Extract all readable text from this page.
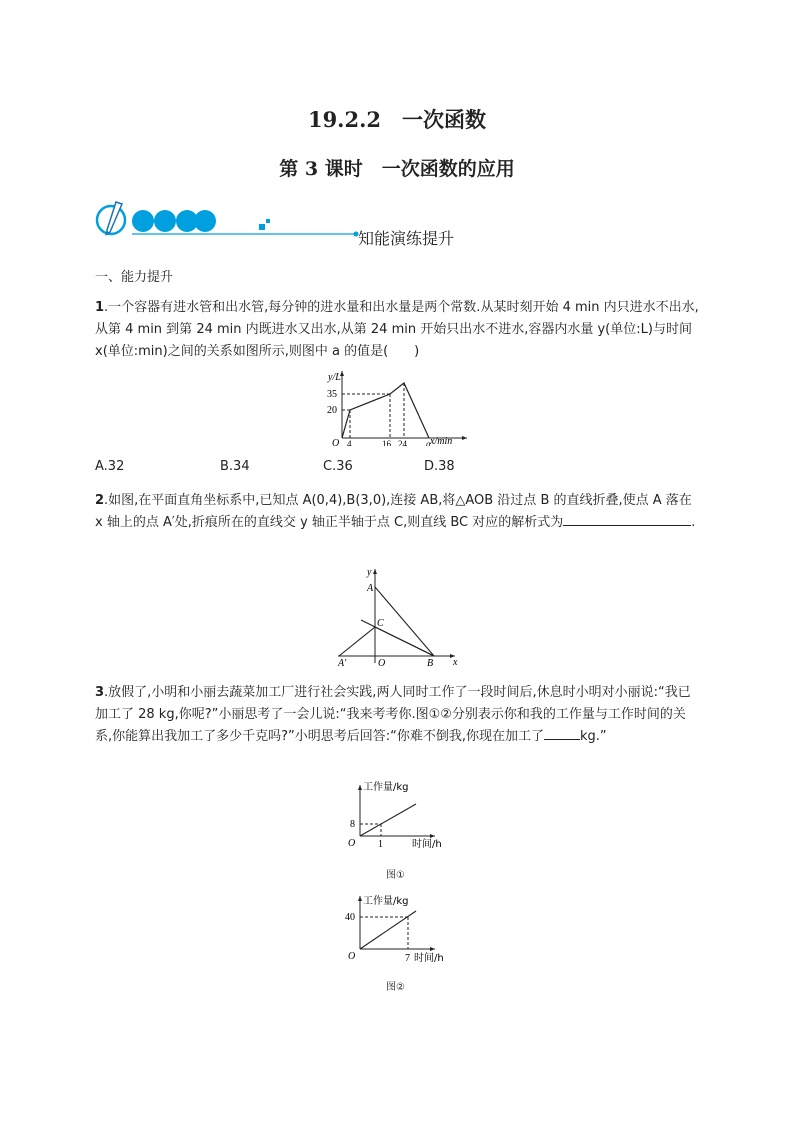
19.2.2　一次函数
第 3 课时　一次函数的应用
知能演练提升
一、能力提升
1.一个容器有进水管和出水管,每分钟的进水量和出水量是两个常数.从某时刻开始 4 min 内只进水不出水,从第 4 min 到第 24 min 内既进水又出水,从第 24 min 开始只出水不进水,容器内水量 y(单位:L)与时间 x(单位:min)之间的关系如图所示,则图中 a 的值是(　　)
y/L
x/min
O
35
20
4	16 24 a
A.32	B.34	C.36	D.38
2.如图,在平面直角坐标系中,已知点 A(0,4),B(3,0),连接 AB,将△AOB 沿过点 B 的直线折叠,使点 A 落在 x 轴上的点 A′处,折痕所在的直线交 y 轴正半轴于点 C,则直线 BC 对应的解析式为	.
y
x
A
C
A′	O	B
3.放假了,小明和小丽去蔬菜加工厂进行社会实践,两人同时工作了一段时间后,休息时小明对小丽说:“我已加工了 28 kg,你呢?”小丽思考了一会儿说:“我来考考你.图①②分别表示你和我的工作量与工作时间的关系,你能算出我加工了多少千克吗?”小明思考后回答:“你难不倒我,你现在加工了	kg.”
工作量/kg
时间/h
O
8
1
图①
工作量/kg
时间/h
O
40
7
图②
